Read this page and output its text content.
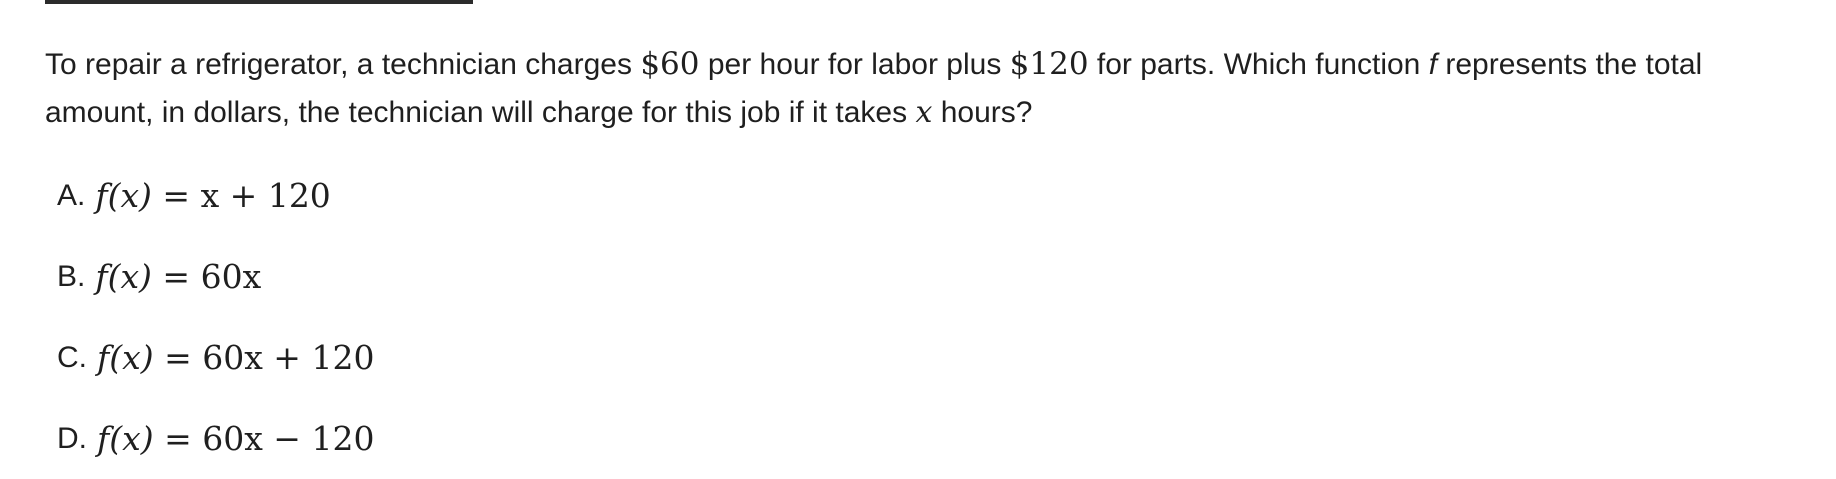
To repair a refrigerator, a technician charges $60 per hour for labor plus $120 for parts. Which function f represents the total amount, in dollars, the technician will charge for this job if it takes x hours?

A. f(x) = x + 120
B. f(x) = 60x
C. f(x) = 60x + 120
D. f(x) = 60x − 120
